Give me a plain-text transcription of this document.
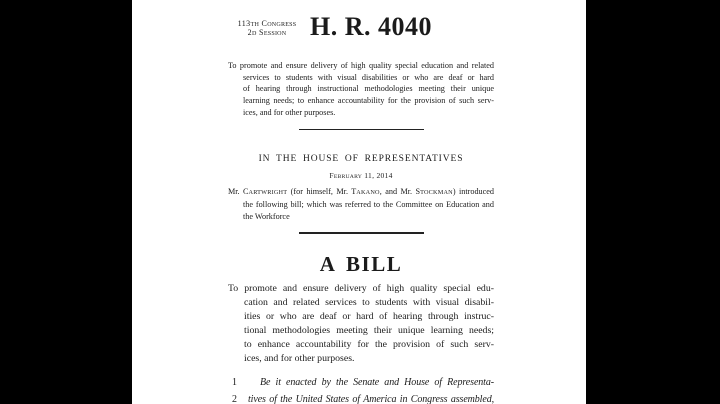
113TH CONGRESS
2D SESSION H. R. 4040
To promote and ensure delivery of high quality special education and related
services to students with visual disabilities or who are deaf or hard
of hearing through instructional methodologies meeting their unique
learning needs; to enhance accountability for the provision of such serv-
ices, and for other purposes.
IN THE HOUSE OF REPRESENTATIVES
FEBRUARY 11, 2014
Mr. CARTWRIGHT (for himself, Mr. TAKANO, and Mr. STOCKMAN) introduced
the following bill; which was referred to the Committee on Education and
the Workforce
A BILL
To promote and ensure delivery of high quality special edu-
cation and related services to students with visual disabil-
ities or who are deaf or hard of hearing through instruc-
tional methodologies meeting their unique learning needs;
to enhance accountability for the provision of such serv-
ices, and for other purposes.
1	Be it enacted by the Senate and House of Representa-
2	tives of the United States of America in Congress assembled,
